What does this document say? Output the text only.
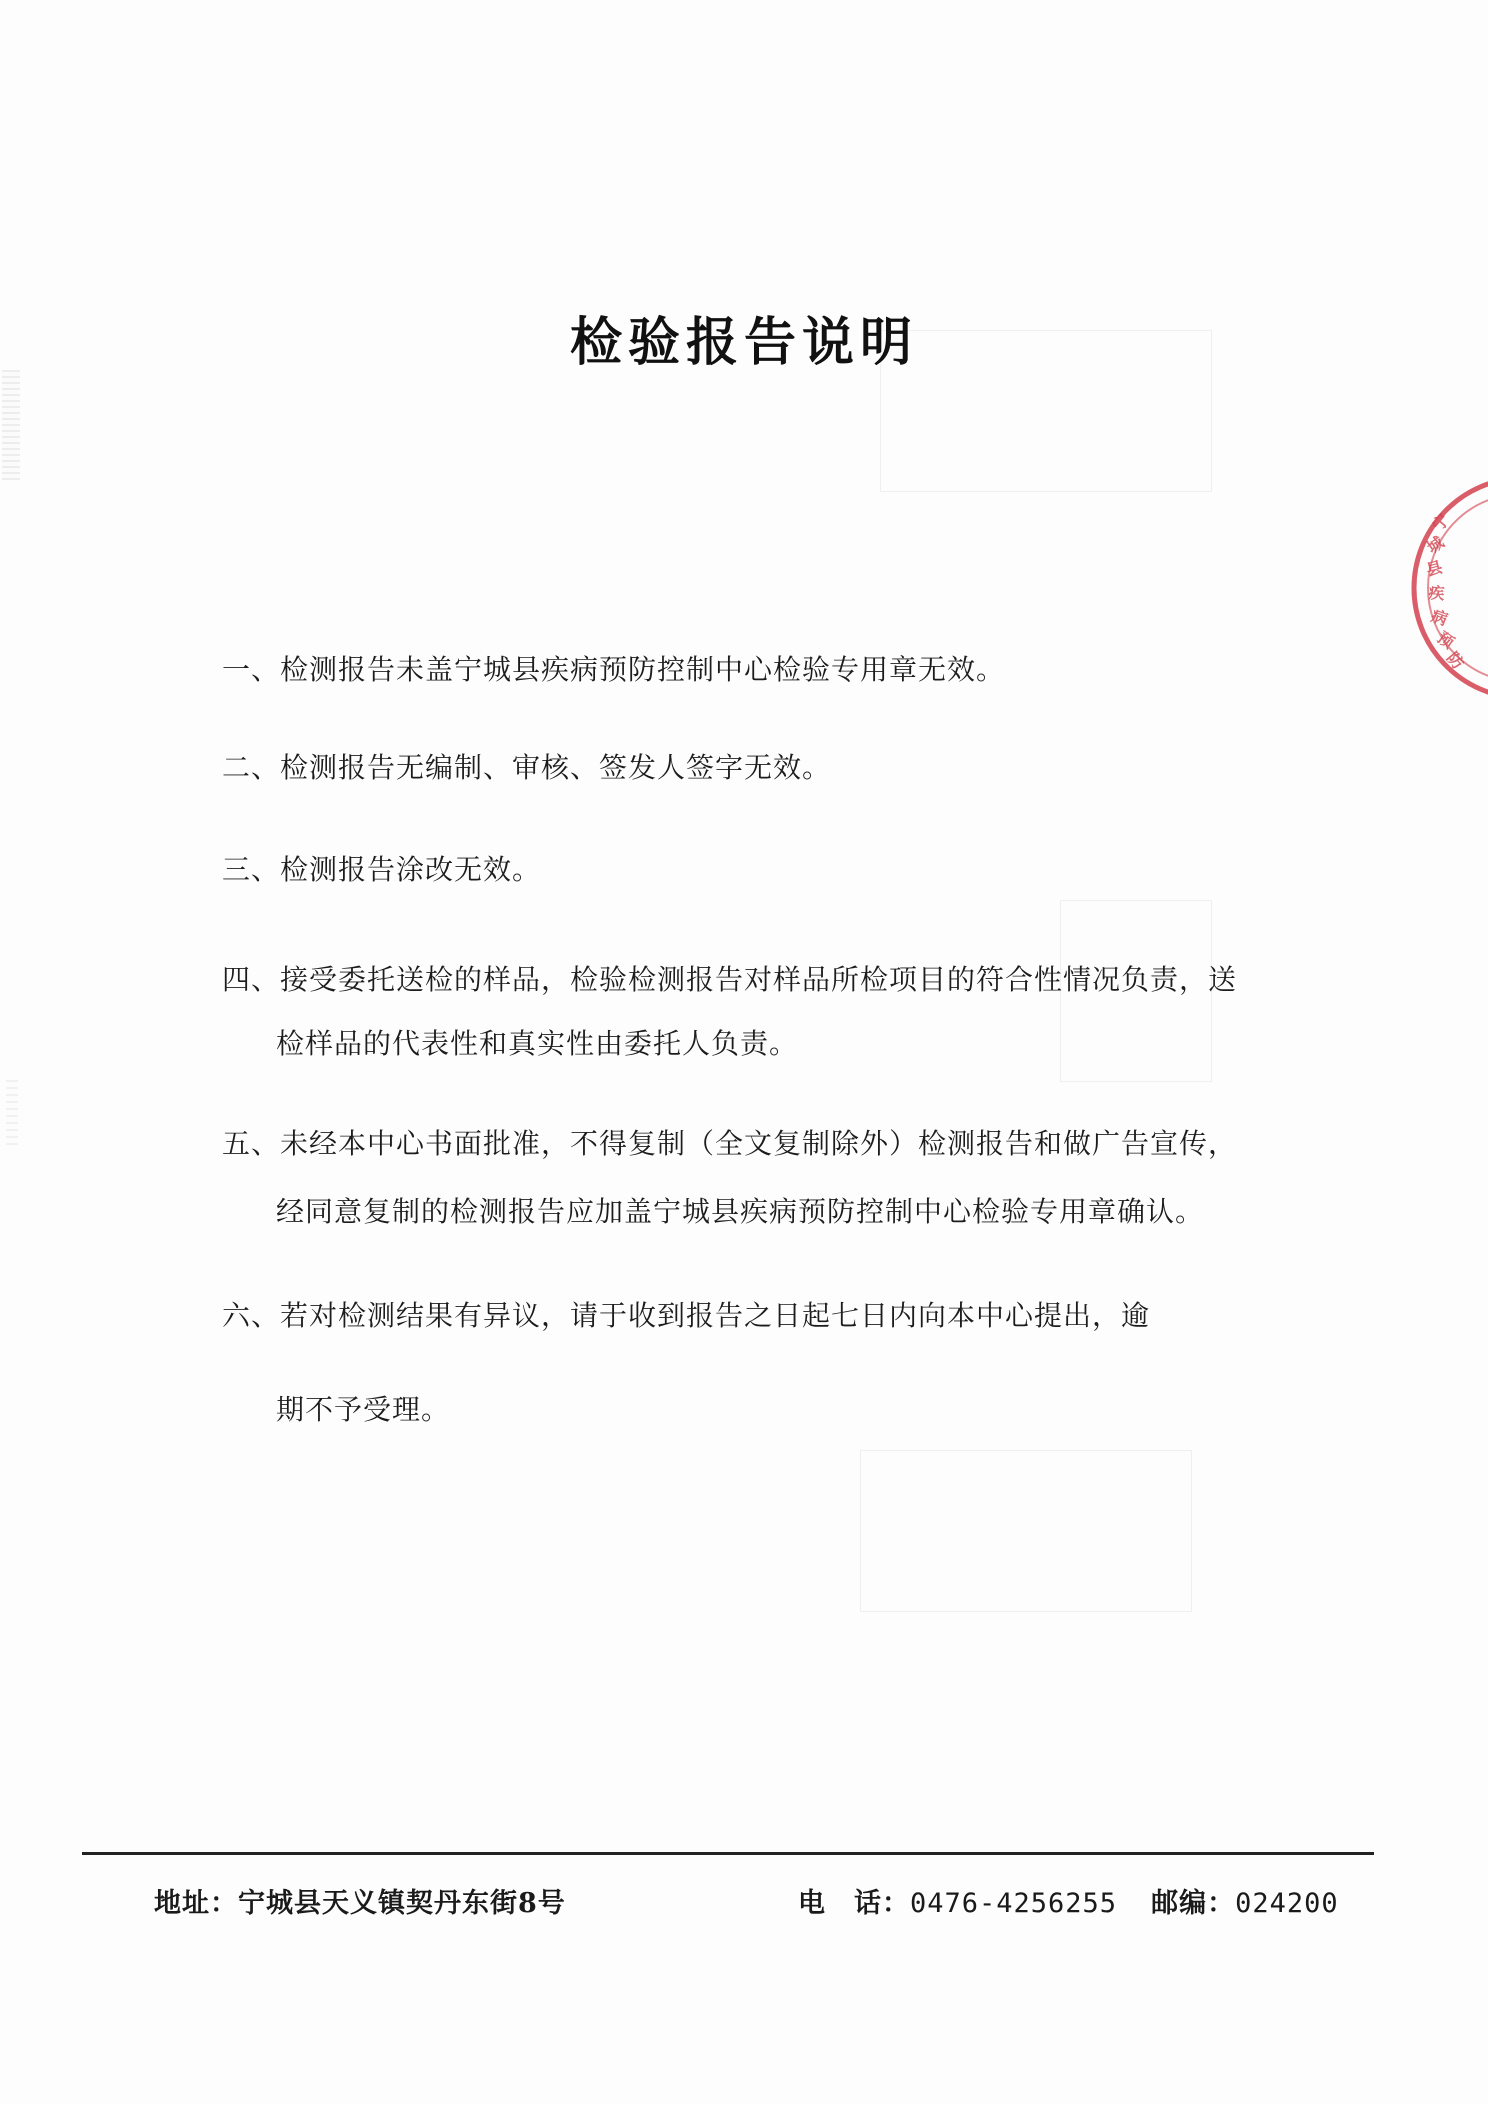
检验报告说明
一、检测报告未盖宁城县疾病预防控制中心检验专用章无效。
二、检测报告无编制、审核、签发人签字无效。
三、检测报告涂改无效。
四、接受委托送检的样品，检验检测报告对样品所检项目的符合性情况负责，送
检样品的代表性和真实性由委托人负责。
五、未经本中心书面批准，不得复制（全文复制除外）检测报告和做广告宣传，
经同意复制的检测报告应加盖宁城县疾病预防控制中心检验专用章确认。
六、若对检测结果有异议，请于收到报告之日起七日内向本中心提出，逾
期不予受理。
地址：宁城县天义镇契丹东街8号	电　话：0476-4256255 邮编：024200
宁
城
县
疾
病
预
防
